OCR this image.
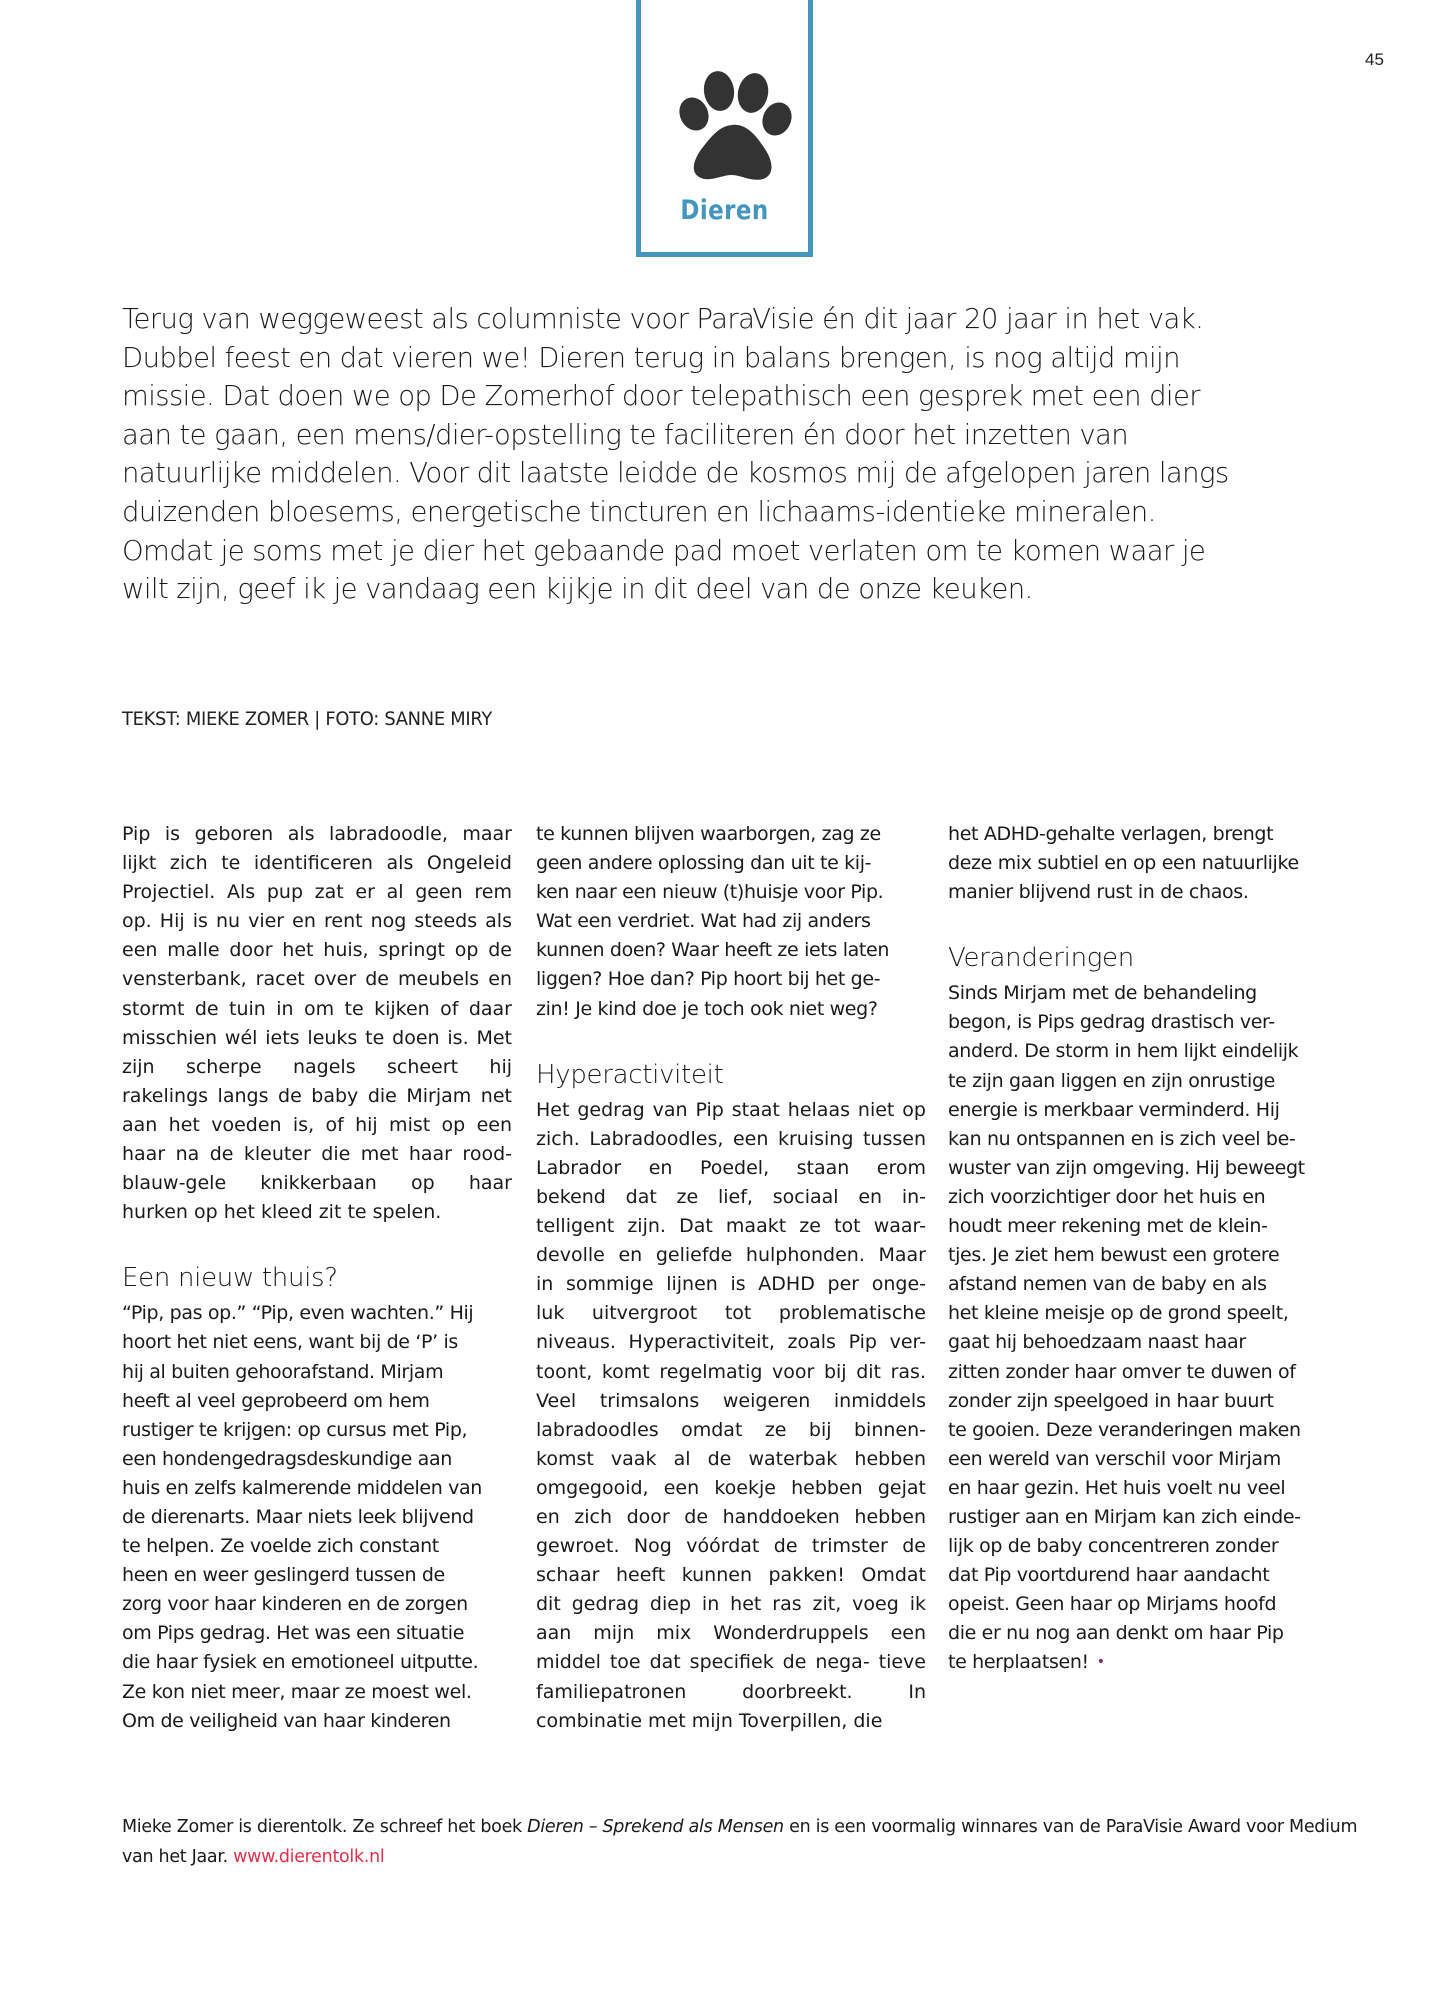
45
Dieren
Terug van weggeweest als columniste voor ParaVisie én dit jaar 20 jaar in het vak.
Dubbel feest en dat vieren we! Dieren terug in balans brengen, is nog altijd mijn
missie. Dat doen we op De Zomerhof door telepathisch een gesprek met een dier
aan te gaan, een mens/dier-opstelling te faciliteren én door het inzetten van
natuurlijke middelen. Voor dit laatste leidde de kosmos mij de afgelopen jaren langs
duizenden bloesems, energetische tincturen en lichaams-identieke mineralen.
Omdat je soms met je dier het gebaande pad moet verlaten om te komen waar je
wilt zijn, geef ik je vandaag een kijkje in dit deel van de onze keuken.
TEKST: MIEKE ZOMER | FOTO: SANNE MIRY
Pip is geboren als labradoodle, maar
lijkt zich te identificeren als Ongeleid
Projectiel. Als pup zat er al geen rem
op. Hij is nu vier en rent nog steeds als
een malle door het huis, springt op de
vensterbank, racet over de meubels en
stormt de tuin in om te kijken of daar
misschien wél iets leuks te doen is. Met
zijn scherpe nagels scheert hij
rakelings langs de baby die Mirjam net
aan het voeden is, of hij mist op een
haar na de kleuter die met haar rood-
blauw-gele knikkerbaan op haar
hurken op het kleed zit te spelen.
Een nieuw thuis?
“Pip, pas op.” “Pip, even wachten.” Hij
hoort het niet eens, want bij de ‘P’ is
hij al buiten gehoorafstand. Mirjam
heeft al veel geprobeerd om hem
rustiger te krijgen: op cursus met Pip,
een hondengedragsdeskundige aan
huis en zelfs kalmerende middelen van
de dierenarts. Maar niets leek blijvend
te helpen. Ze voelde zich constant
heen en weer geslingerd tussen de
zorg voor haar kinderen en de zorgen
om Pips gedrag. Het was een situatie
die haar fysiek en emotioneel uitputte.
Ze kon niet meer, maar ze moest wel.
Om de veiligheid van haar kinderen
te kunnen blijven waarborgen, zag ze
geen andere oplossing dan uit te kij-
ken naar een nieuw (t)huisje voor Pip.
Wat een verdriet. Wat had zij anders
kunnen doen? Waar heeft ze iets laten
liggen? Hoe dan? Pip hoort bij het ge-
zin! Je kind doe je toch ook niet weg?
Hyperactiviteit
Het gedrag van Pip staat helaas niet op
zich. Labradoodles, een kruising tussen
Labrador en Poedel, staan erom
bekend dat ze lief, sociaal en in-
telligent zijn. Dat maakt ze tot waar-
devolle en geliefde hulphonden. Maar
in sommige lijnen is ADHD per onge-
luk uitvergroot tot problematische
niveaus. Hyperactiviteit, zoals Pip ver-
toont, komt regelmatig voor bij dit ras.
Veel trimsalons weigeren inmiddels
labradoodles omdat ze bij binnen-
komst vaak al de waterbak hebben
omgegooid, een koekje hebben gejat
en zich door de handdoeken hebben
gewroet. Nog vóórdat de trimster de
schaar heeft kunnen pakken! Omdat
dit gedrag diep in het ras zit, voeg ik
aan mijn mix Wonderdruppels een
middel toe dat specifiek de nega- tieve
familiepatronen doorbreekt. In
combinatie met mijn Toverpillen, die
het ADHD-gehalte verlagen, brengt
deze mix subtiel en op een natuurlijke
manier blijvend rust in de chaos.
Veranderingen
Sinds Mirjam met de behandeling
begon, is Pips gedrag drastisch ver-
anderd. De storm in hem lijkt eindelijk
te zijn gaan liggen en zijn onrustige
energie is merkbaar verminderd. Hij
kan nu ontspannen en is zich veel be-
wuster van zijn omgeving. Hij beweegt
zich voorzichtiger door het huis en
houdt meer rekening met de klein-
tjes. Je ziet hem bewust een grotere
afstand nemen van de baby en als
het kleine meisje op de grond speelt,
gaat hij behoedzaam naast haar
zitten zonder haar omver te duwen of
zonder zijn speelgoed in haar buurt
te gooien. Deze veranderingen maken
een wereld van verschil voor Mirjam
en haar gezin. Het huis voelt nu veel
rustiger aan en Mirjam kan zich einde-
lijk op de baby concentreren zonder
dat Pip voortdurend haar aandacht
opeist. Geen haar op Mirjams hoofd
die er nu nog aan denkt om haar Pip
te herplaatsen! •
Mieke Zomer is dierentolk. Ze schreef het boek Dieren – Sprekend als Mensen en is een voormalig winnares van de ParaVisie Award voor Medium van het Jaar. www.dierentolk.nl
